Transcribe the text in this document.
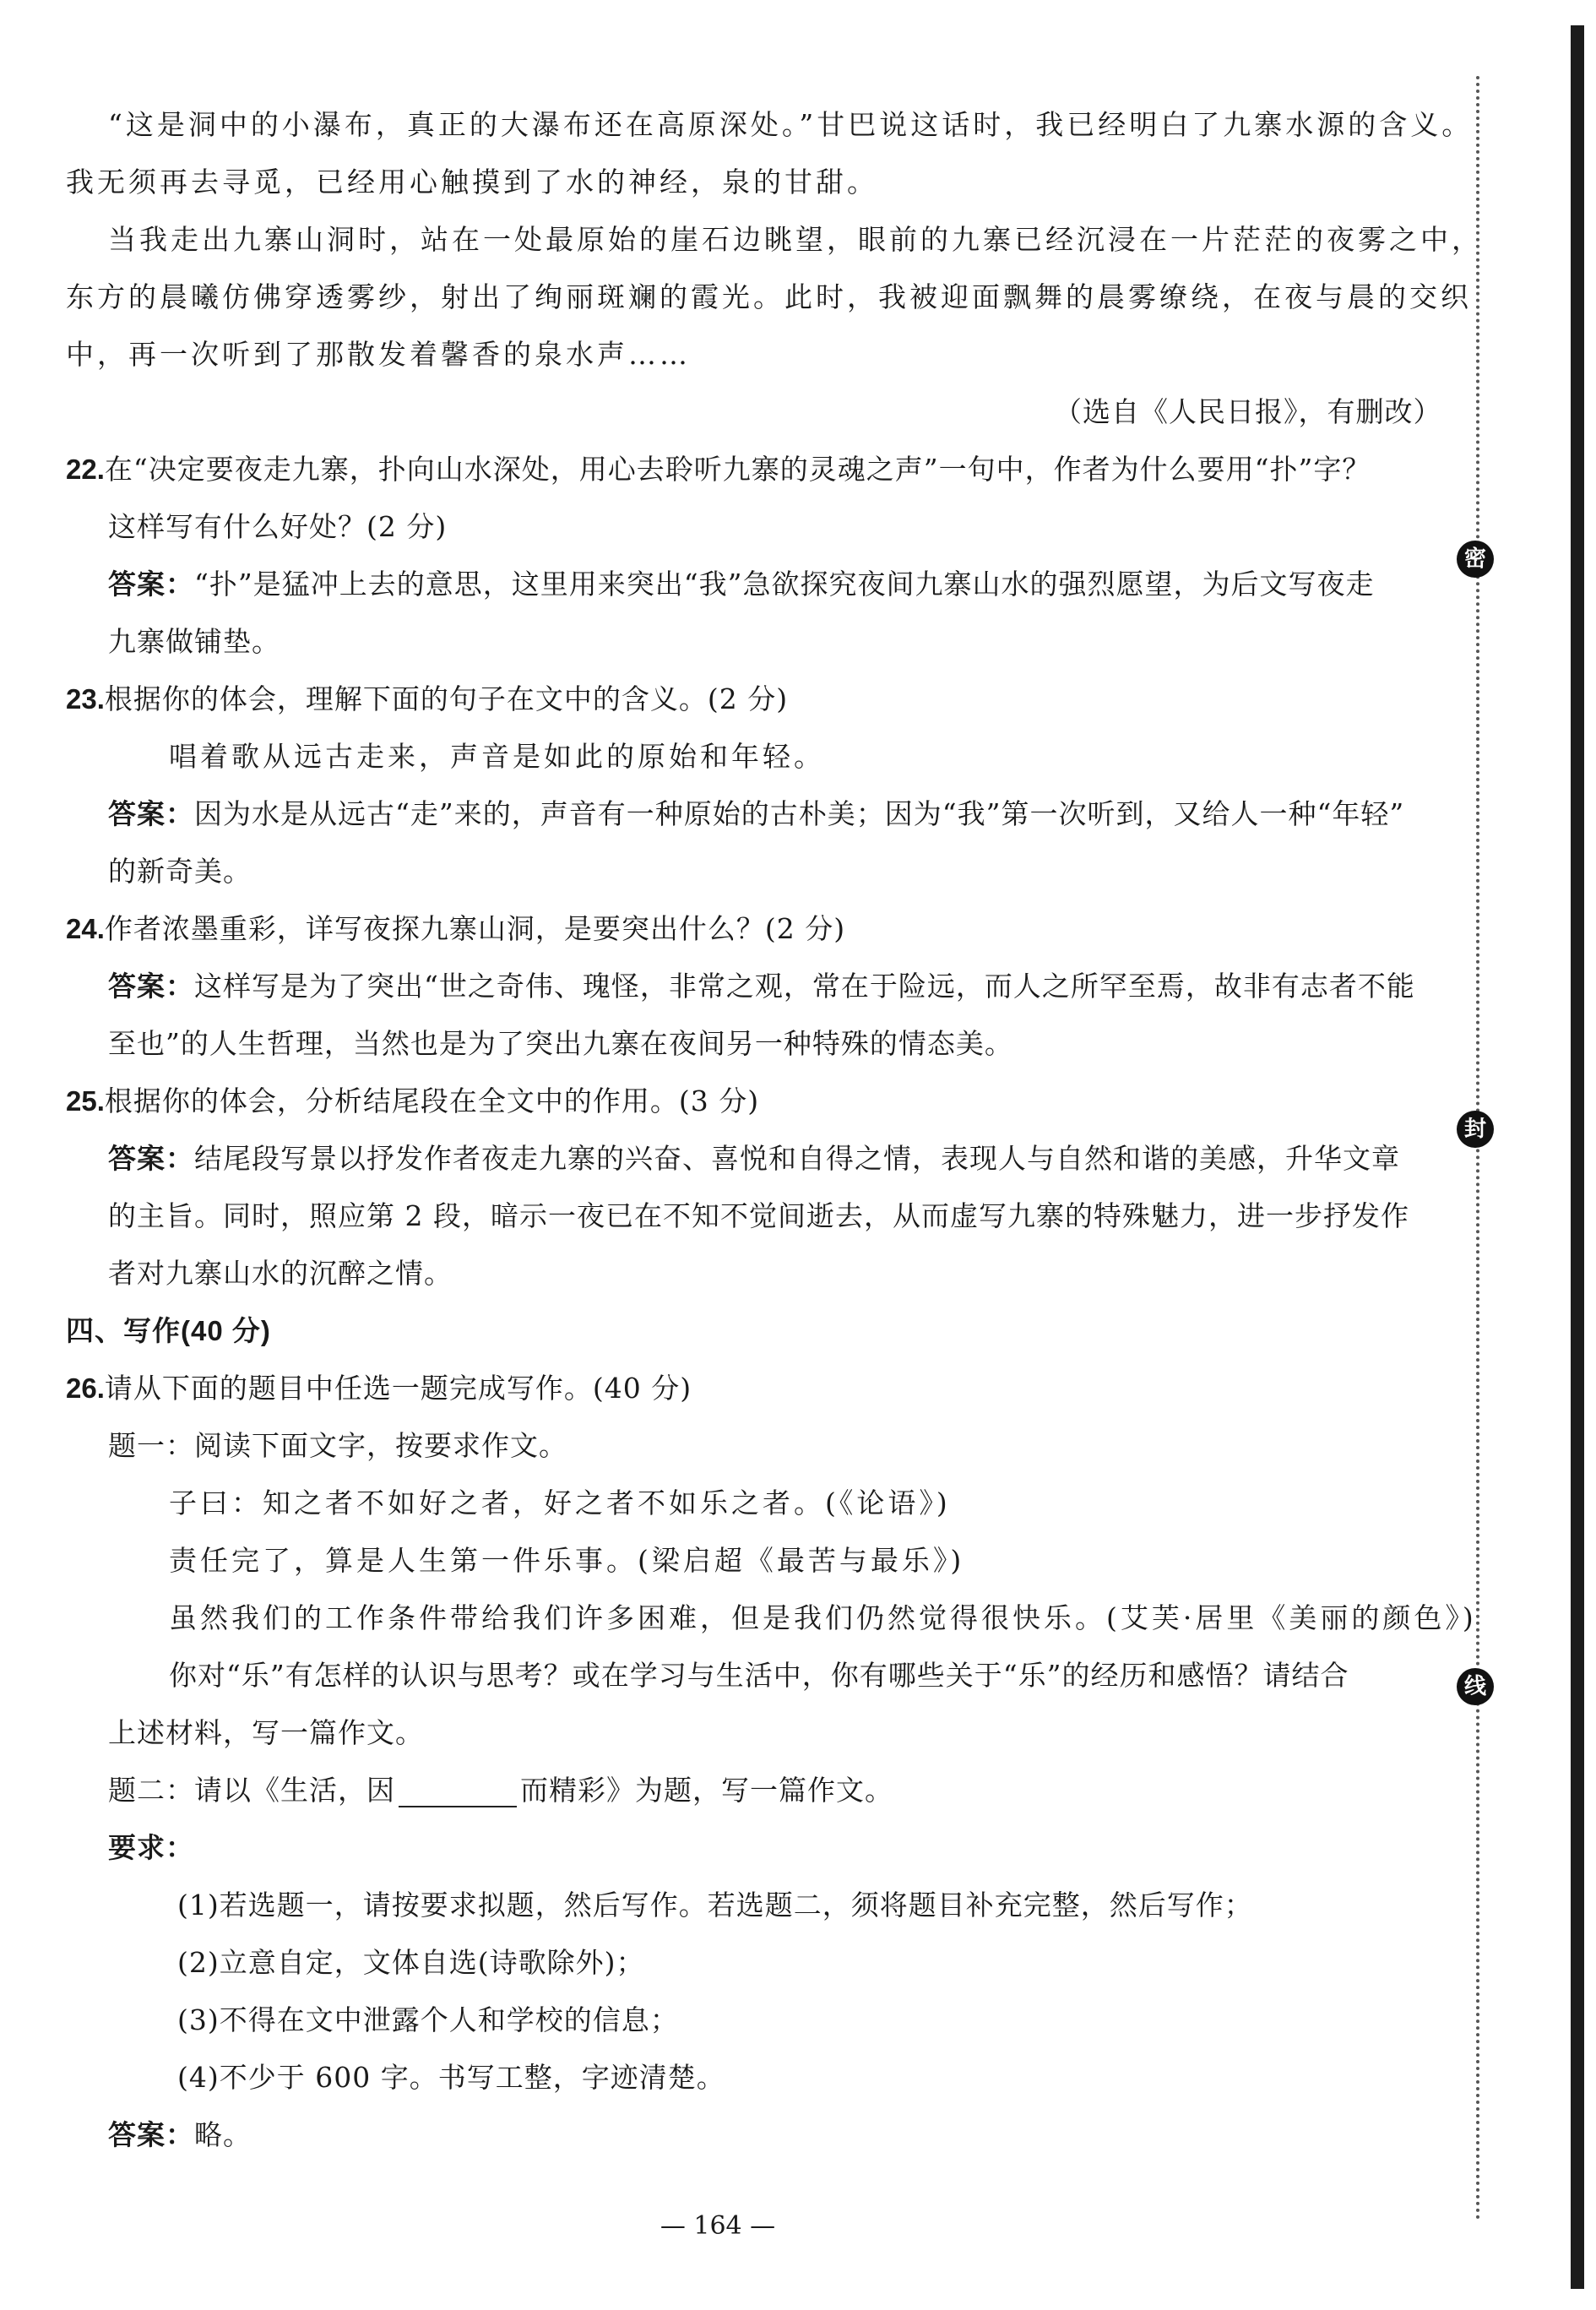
“这是洞中的小瀑布，真正的大瀑布还在高原深处。”甘巴说这话时，我已经明白了九寨水源的含义。
我无须再去寻觅，已经用心触摸到了水的神经，泉的甘甜。
当我走出九寨山洞时，站在一处最原始的崖石边眺望，眼前的九寨已经沉浸在一片茫茫的夜雾之中，
东方的晨曦仿佛穿透雾纱，射出了绚丽斑斓的霞光。此时，我被迎面飘舞的晨雾缭绕，在夜与晨的交织
中，再一次听到了那散发着馨香的泉水声……
（选自《人民日报》，有删改）
22.在“决定要夜走九寨，扑向山水深处，用心去聆听九寨的灵魂之声”一句中，作者为什么要用“扑”字？
这样写有什么好处？(2 分)
答案：“扑”是猛冲上去的意思，这里用来突出“我”急欲探究夜间九寨山水的强烈愿望，为后文写夜走
九寨做铺垫。
23.根据你的体会，理解下面的句子在文中的含义。(2 分)
唱着歌从远古走来，声音是如此的原始和年轻。
答案：因为水是从远古“走”来的，声音有一种原始的古朴美；因为“我”第一次听到，又给人一种“年轻”
的新奇美。
24.作者浓墨重彩，详写夜探九寨山洞，是要突出什么？(2 分)
答案：这样写是为了突出“世之奇伟、瑰怪，非常之观，常在于险远，而人之所罕至焉，故非有志者不能
至也”的人生哲理，当然也是为了突出九寨在夜间另一种特殊的情态美。
25.根据你的体会，分析结尾段在全文中的作用。(3 分)
答案：结尾段写景以抒发作者夜走九寨的兴奋、喜悦和自得之情，表现人与自然和谐的美感，升华文章
的主旨。同时，照应第 2 段，暗示一夜已在不知不觉间逝去，从而虚写九寨的特殊魅力，进一步抒发作
者对九寨山水的沉醉之情。
四、写作(40 分)
26.请从下面的题目中任选一题完成写作。(40 分)
题一：阅读下面文字，按要求作文。
子曰：知之者不如好之者，好之者不如乐之者。(《论语》)
责任完了，算是人生第一件乐事。(梁启超《最苦与最乐》)
虽然我们的工作条件带给我们许多困难，但是我们仍然觉得很快乐。(艾芙·居里《美丽的颜色》)
你对“乐”有怎样的认识与思考？或在学习与生活中，你有哪些关于“乐”的经历和感悟？请结合
上述材料，写一篇作文。
题二：请以《生活，因	而精彩》为题，写一篇作文。
要求：
(1)若选题一，请按要求拟题，然后写作。若选题二，须将题目补充完整，然后写作；
(2)立意自定，文体自选(诗歌除外)；
(3)不得在文中泄露个人和学校的信息；
(4)不少于 600 字。书写工整，字迹清楚。
答案：略。
— 164 —
密
封
线
